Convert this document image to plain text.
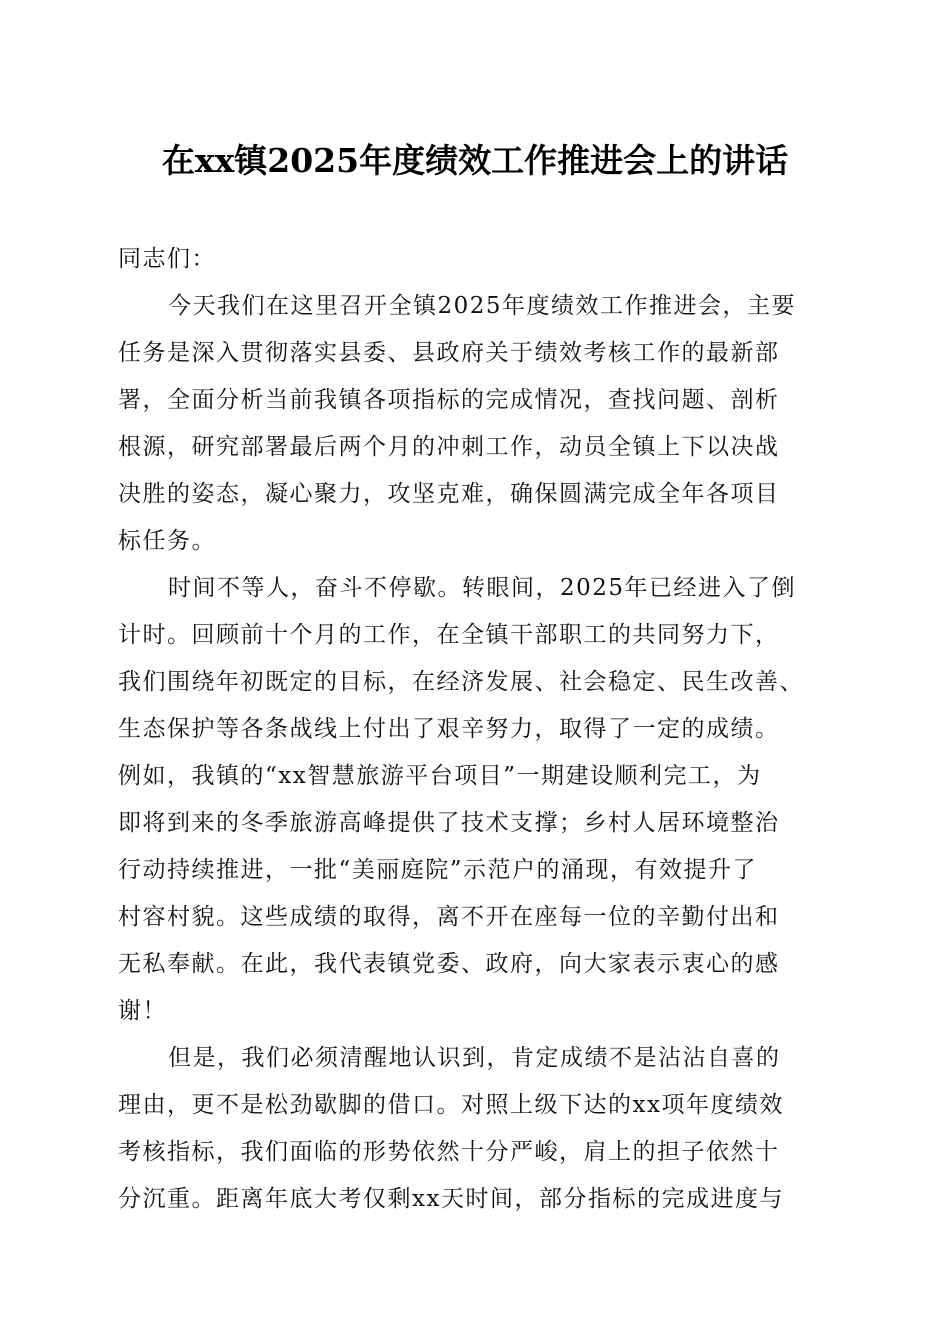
在xx镇2025年度绩效工作推进会上的讲话
同志们：
今天我们在这里召开全镇2025年度绩效工作推进会，主要
任务是深入贯彻落实县委、县政府关于绩效考核工作的最新部
署，全面分析当前我镇各项指标的完成情况，查找问题、剖析
根源，研究部署最后两个月的冲刺工作，动员全镇上下以决战
决胜的姿态，凝心聚力，攻坚克难，确保圆满完成全年各项目
标任务。
时间不等人，奋斗不停歇。转眼间，2025年已经进入了倒
计时。回顾前十个月的工作，在全镇干部职工的共同努力下，
我们围绕年初既定的目标，在经济发展、社会稳定、民生改善、
生态保护等各条战线上付出了艰辛努力，取得了一定的成绩。
例如，我镇的“xx智慧旅游平台项目”一期建设顺利完工，为
即将到来的冬季旅游高峰提供了技术支撑；乡村人居环境整治
行动持续推进，一批“美丽庭院”示范户的涌现，有效提升了
村容村貌。这些成绩的取得，离不开在座每一位的辛勤付出和
无私奉献。在此，我代表镇党委、政府，向大家表示衷心的感
谢！
但是，我们必须清醒地认识到，肯定成绩不是沾沾自喜的
理由，更不是松劲歇脚的借口。对照上级下达的xx项年度绩效
考核指标，我们面临的形势依然十分严峻，肩上的担子依然十
分沉重。距离年底大考仅剩xx天时间，部分指标的完成进度与
